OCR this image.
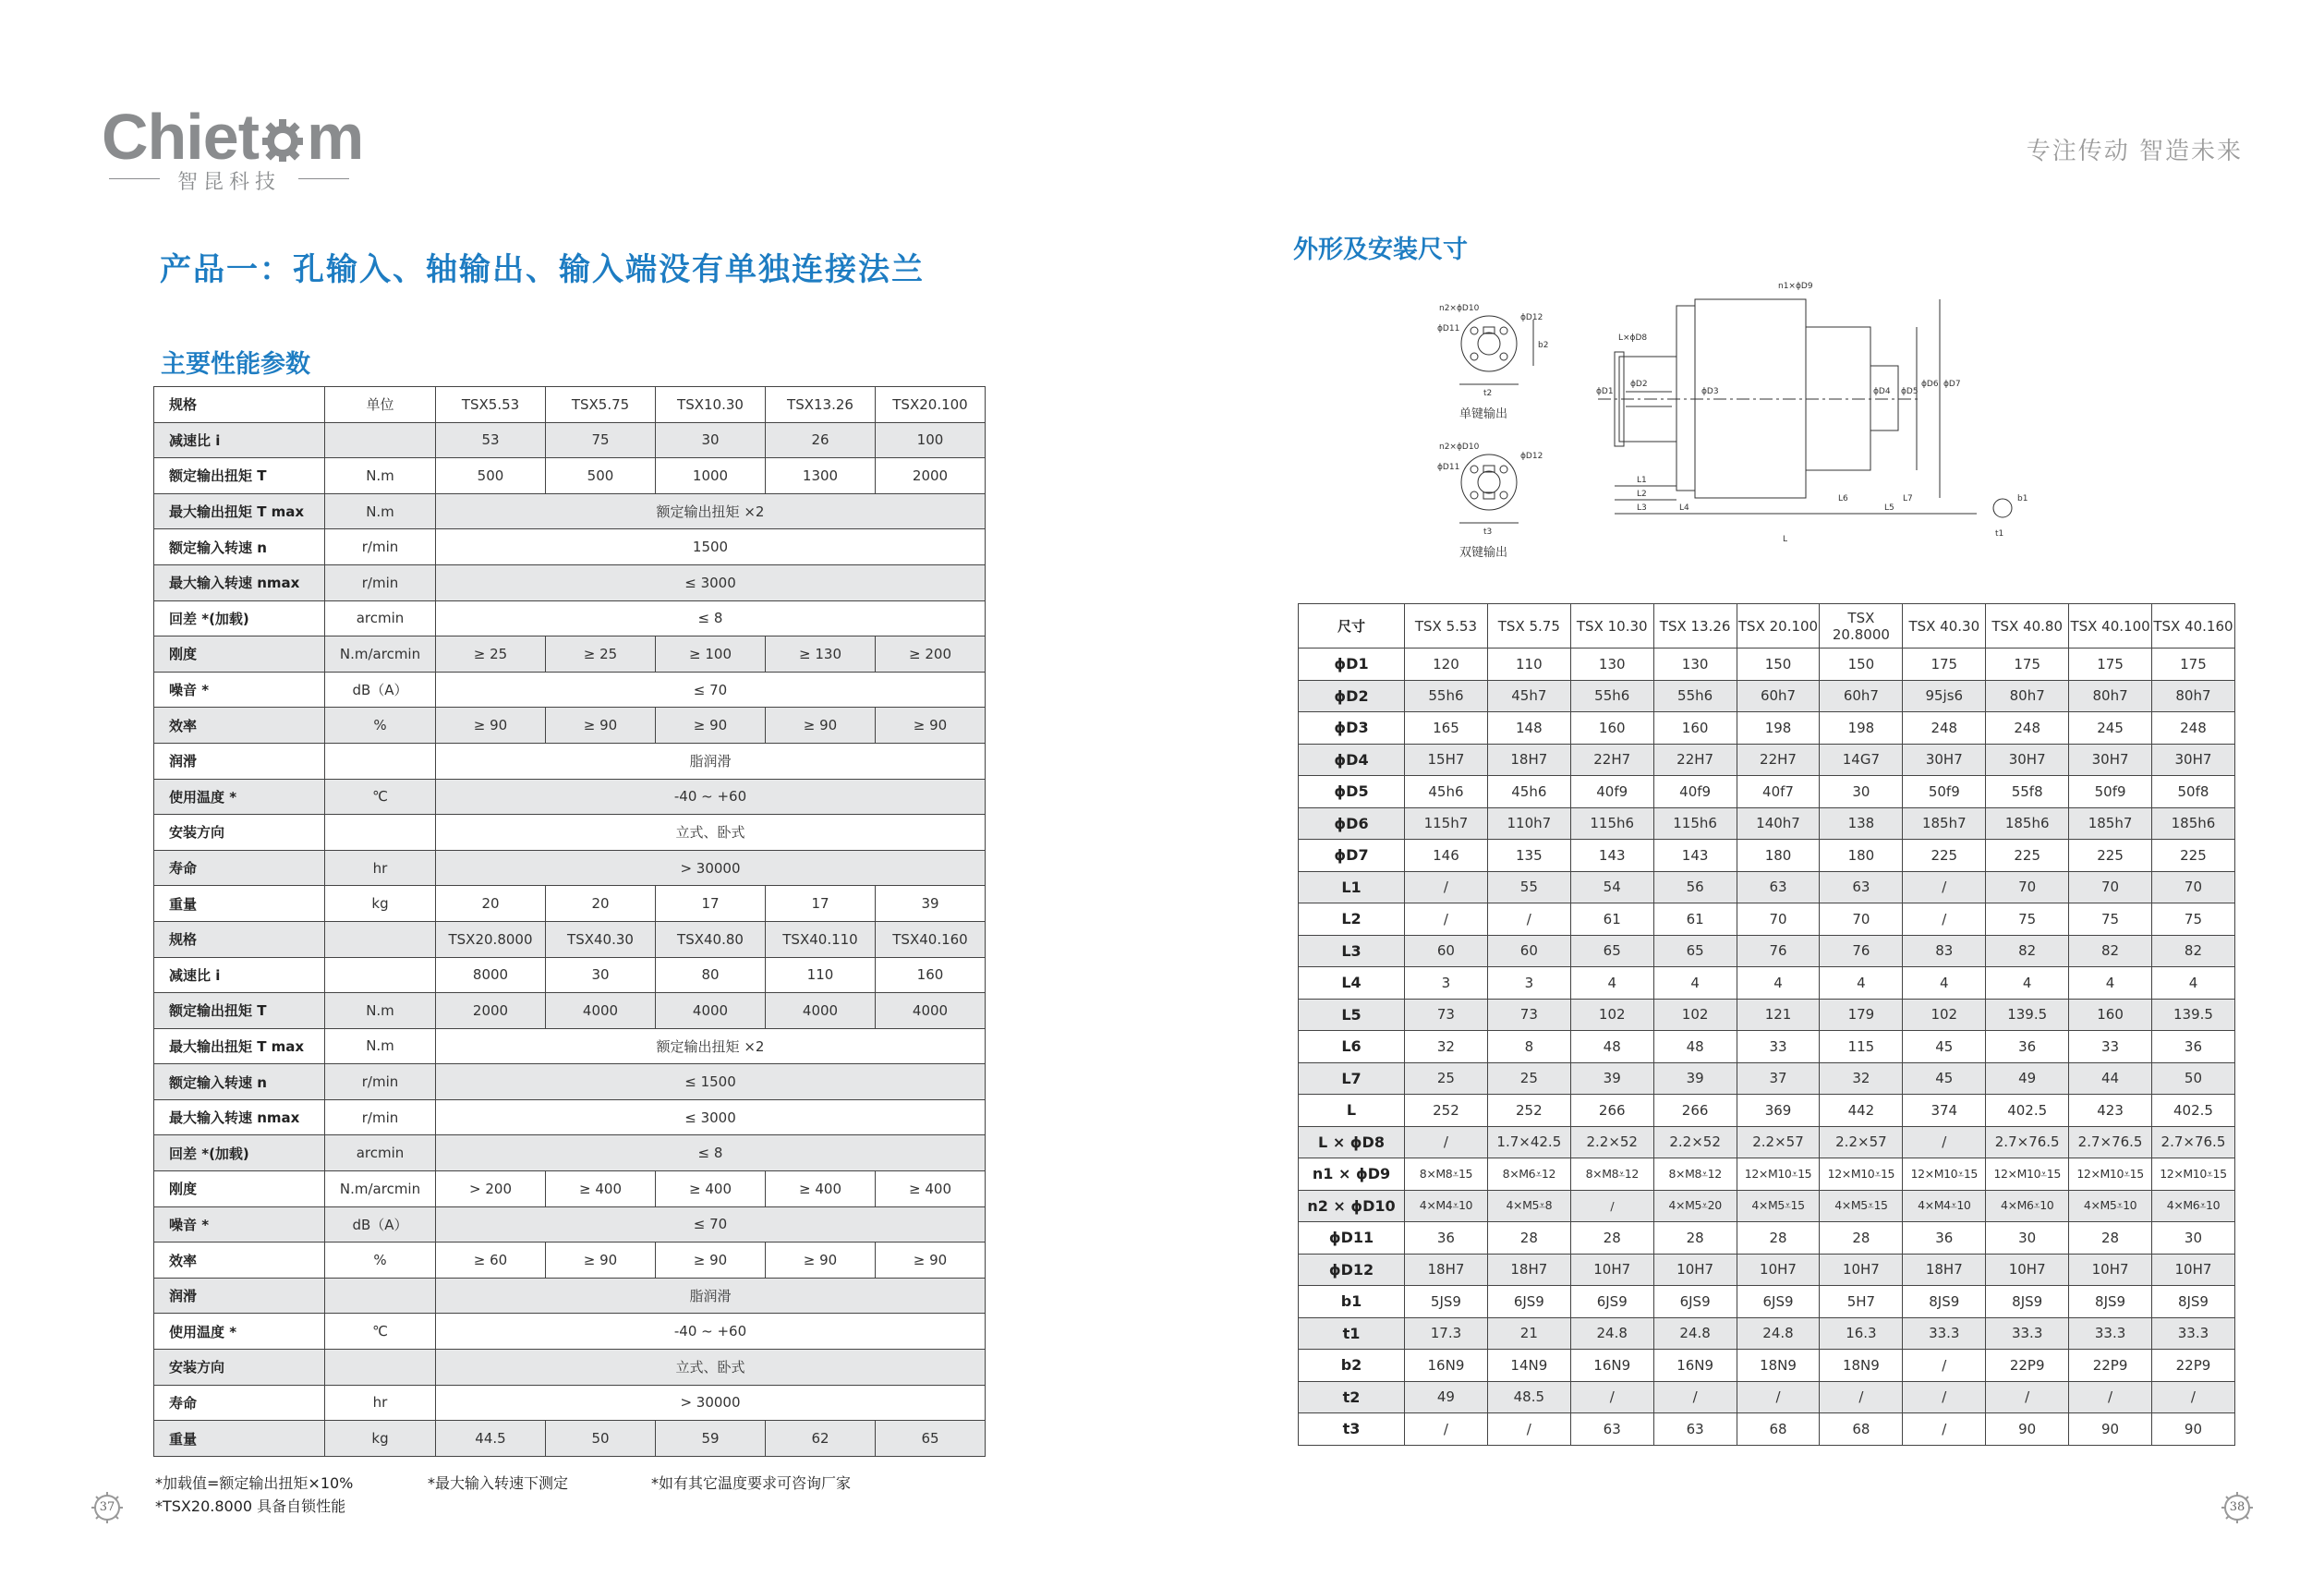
Chiet m
智昆科技
专注传动 智造未来
产品一：孔输入、轴输出、输入端没有单独连接法兰
主要性能参数
外形及安装尺寸
规格	单位	TSX5.53	TSX5.75	TSX10.30	TSX13.26	TSX20.100
减速比 i		53	75	30	26	100
额定输出扭矩 T	N.m	500	500	1000	1300	2000
最大输出扭矩 T max	N.m	额定输出扭矩 ×2				
额定输入转速 n	r/min	1500				
最大输入转速 nmax	r/min	≤ 3000				
回差 *(加载)	arcmin	≤ 8				
刚度	N.m/arcmin	≥ 25	≥ 25	≥ 100	≥ 130	≥ 200
噪音 *	dB（A）	≤ 70				
效率	%	≥ 90	≥ 90	≥ 90	≥ 90	≥ 90
润滑		脂润滑				
使用温度 *	℃	-40 ~ +60				
安装方向		立式、卧式				
寿命	hr	> 30000				
重量	kg	20	20	17	17	39
规格		TSX20.8000	TSX40.30	TSX40.80	TSX40.110	TSX40.160
减速比 i		8000	30	80	110	160
额定输出扭矩 T	N.m	2000	4000	4000	4000	4000
最大输出扭矩 T max	N.m	额定输出扭矩 ×2				
额定输入转速 n	r/min	≤ 1500				
最大输入转速 nmax	r/min	≤ 3000				
回差 *(加载)	arcmin	≤ 8				
刚度	N.m/arcmin	> 200	≥ 400	≥ 400	≥ 400	≥ 400
噪音 *	dB（A）	≤ 70				
效率	%	≥ 60	≥ 90	≥ 90	≥ 90	≥ 90
润滑		脂润滑				
使用温度 *	℃	-40 ~ +60				
安装方向		立式、卧式				
寿命	hr	> 30000				
重量	kg	44.5	50	59	62	65
n2×ϕD10
ϕD11
ϕD12
b2
t2
单键输出
n2×ϕD10
ϕD11
ϕD12
t3
双键输出
n1×ϕD9
L×ϕD8
ϕD1
ϕD2
ϕD3	ϕD4 ϕD5
ϕD6 ϕD7
L1
L2
L3	L4	L5
L6	L7
L
b1
t1
尺寸	TSX 5.53	TSX 5.75	TSX 10.30	TSX 13.26	TSX 20.100	TSX 20.8000	TSX 40.30	TSX 40.80	TSX 40.100	TSX 40.160
ϕD1	120	110	130	130	150	150	175	175	175	175
ϕD2	55h6	45h7	55h6	55h6	60h7	60h7	95js6	80h7	80h7	80h7
ϕD3	165	148	160	160	198	198	248	248	245	248
ϕD4	15H7	18H7	22H7	22H7	22H7	14G7	30H7	30H7	30H7	30H7
ϕD5	45h6	45h6	40f9	40f9	40f7	30	50f9	55f8	50f9	50f8
ϕD6	115h7	110h7	115h6	115h6	140h7	138	185h7	185h6	185h7	185h6
ϕD7	146	135	143	143	180	180	225	225	225	225
L1	/	55	54	56	63	63	/	70	70	70
L2	/	/	61	61	70	70	/	75	75	75
L3	60	60	65	65	76	76	83	82	82	82
L4	3	3	4	4	4	4	4	4	4	4
L5	73	73	102	102	121	179	102	139.5	160	139.5
L6	32	8	48	48	33	115	45	36	33	36
L7	25	25	39	39	37	32	45	49	44	50
L	252	252	266	266	369	442	374	402.5	423	402.5
L × ϕD8	/	1.7×42.5	2.2×52	2.2×52	2.2×57	2.2×57	/	2.7×76.5	2.7×76.5	2.7×76.5
n1 × ϕD9	8×M8⩡15	8×M6⩡12	8×M8⩡12	8×M8⩡12	12×M10⩡15	12×M10⩡15	12×M10⩡15	12×M10⩡15	12×M10⩡15	12×M10⩡15
n2 × ϕD10	4×M4⩡10	4×M5⩡8	/	4×M5⩡20	4×M5⩡15	4×M5⩡15	4×M4⩡10	4×M6⩡10	4×M5⩡10	4×M6⩡10
ϕD11	36	28	28	28	28	28	36	30	28	30
ϕD12	18H7	18H7	10H7	10H7	10H7	10H7	18H7	10H7	10H7	10H7
b1	5JS9	6JS9	6JS9	6JS9	6JS9	5H7	8JS9	8JS9	8JS9	8JS9
t1	17.3	21	24.8	24.8	24.8	16.3	33.3	33.3	33.3	33.3
b2	16N9	14N9	16N9	16N9	18N9	18N9	/	22P9	22P9	22P9
t2	49	48.5	/	/	/	/	/	/	/	/
t3	/	/	63	63	68	68	/	90	90	90
*加载值=额定输出扭矩×10%	*最大输入转速下测定	*如有其它温度要求可咨询厂家
*TSX20.8000 具备自锁性能
37	38
